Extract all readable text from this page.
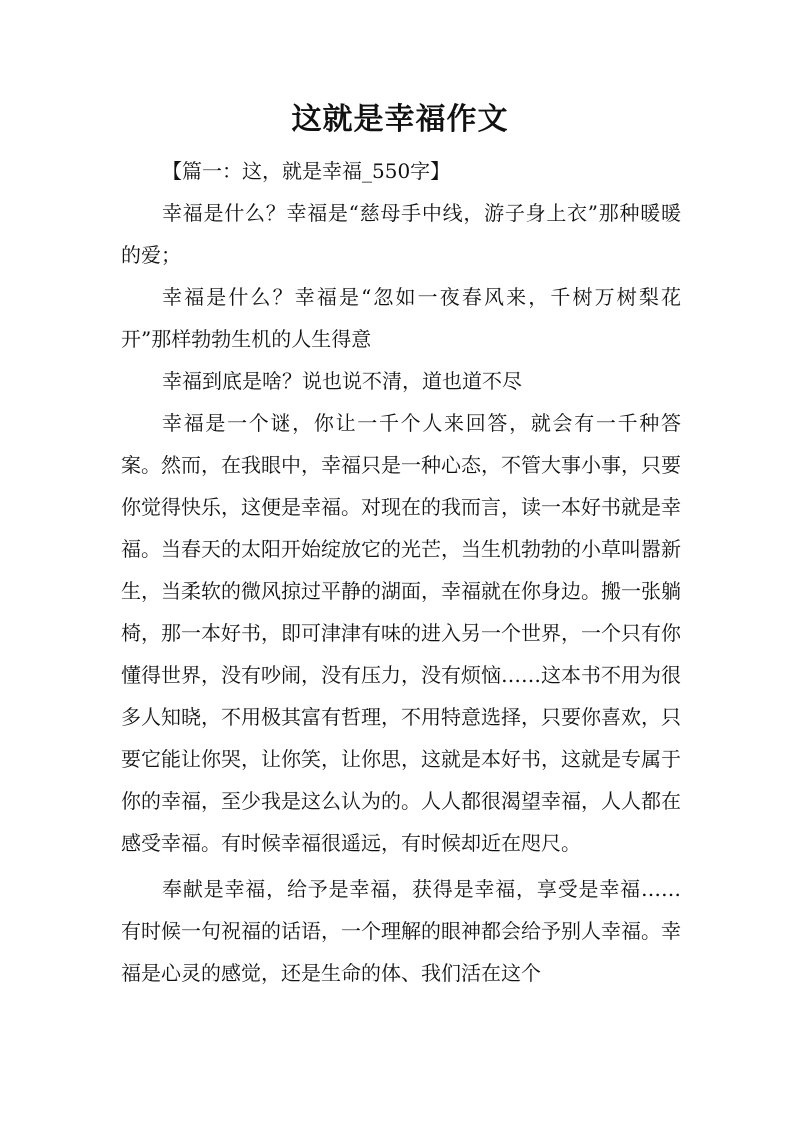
这就是幸福作文

【篇一：这，就是幸福_550字】

幸福是什么？幸福是“慈母手中线，游子身上衣”那种暖暖的爱；

幸福是什么？幸福是“忽如一夜春风来，千树万树梨花开”那样勃勃生机的人生得意

幸福到底是啥？说也说不清，道也道不尽

幸福是一个谜，你让一千个人来回答，就会有一千种答案。然而，在我眼中，幸福只是一种心态，不管大事小事，只要你觉得快乐，这便是幸福。对现在的我而言，读一本好书就是幸福。当春天的太阳开始绽放它的光芒，当生机勃勃的小草叫嚣新生，当柔软的微风掠过平静的湖面，幸福就在你身边。搬一张躺椅，那一本好书，即可津津有味的进入另一个世界，一个只有你懂得世界，没有吵闹，没有压力，没有烦恼……这本书不用为很多人知晓，不用极其富有哲理，不用特意选择，只要你喜欢，只要它能让你哭，让你笑，让你思，这就是本好书，这就是专属于你的幸福，至少我是这么认为的。人人都很渴望幸福，人人都在感受幸福。有时候幸福很遥远，有时候却近在咫尺。

奉献是幸福，给予是幸福，获得是幸福，享受是幸福……有时候一句祝福的话语，一个理解的眼神都会给予别人幸福。幸福是心灵的感觉，还是生命的体、我们活在这个
